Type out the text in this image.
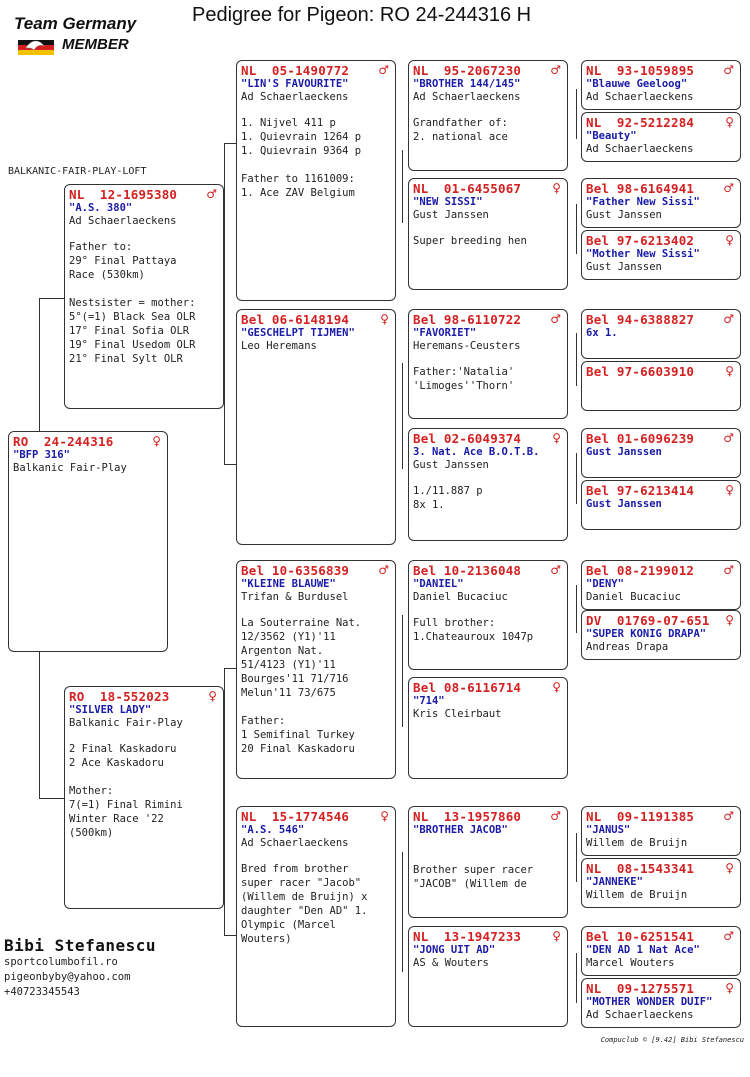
Team Germany
MEMBER
Pedigree for Pigeon: RO 24-244316 H
BALKANIC-FAIR-PLAY-LOFT
RO  24-244316	♀
"BFP 316"
Balkanic Fair-Play
NL  12-1695380	♂
"A.S. 380"
Ad Schaerlaeckens
Father to:
29° Final Pattaya
Race (530km)

Nestsister = mother:
5°(=1) Black Sea OLR
17° Final Sofia OLR
19° Final Usedom OLR
21° Final Sylt OLR
RO  18-552023	♀
"SILVER LADY"
Balkanic Fair-Play
2 Final Kaskadoru
2 Ace Kaskadoru

Mother:
7(=1) Final Rimini
Winter Race '22
(500km)
NL  05-1490772	♂
"LIN'S FAVOURITE"
Ad Schaerlaeckens
1. Nijvel 411 p
1. Quievrain 1264 p
1. Quievrain 9364 p

Father to 1161009:
1. Ace ZAV Belgium
Bel 06-6148194	♀
"GESCHELPT TIJMEN"
Leo Heremans
Bel 10-6356839	♂
"KLEINE BLAUWE"
Trifan & Burdusel
La Souterraine Nat.
12/3562 (Y1)'11
Argenton Nat.
51/4123 (Y1)'11
Bourges'11 71/716
Melun'11 73/675

Father:
1 Semifinal Turkey
20 Final Kaskadoru
NL  15-1774546	♀
"A.S. 546"
Ad Schaerlaeckens
Bred from brother
super racer "Jacob"
(Willem de Bruijn) x
daughter "Den AD" 1.
Olympic (Marcel
Wouters)
NL  95-2067230	♂
"BROTHER 144/145"
Ad Schaerlaeckens
Grandfather of:
2. national ace
NL  01-6455067	♀
"NEW SISSI"
Gust Janssen
Super breeding hen
Bel 98-6110722	♂
"FAVORIET"
Heremans-Ceusters
Father:'Natalia'
'Limoges''Thorn'
Bel 02-6049374	♀
3. Nat. Ace B.O.T.B.
Gust Janssen
1./11.887 p
8x 1.
Bel 10-2136048	♂
"DANIEL"
Daniel Bucaciuc
Full brother:
1.Chateauroux 1047p
Bel 08-6116714	♀
"714"
Kris Cleirbaut
NL  13-1957860	♂
"BROTHER JACOB"
Brother super racer
"JACOB" (Willem de
NL  13-1947233	♀
"JONG UIT AD"
AS & Wouters
NL  93-1059895	♂
"Blauwe Geeloog"
Ad Schaerlaeckens
NL  92-5212284	♀
"Beauty"
Ad Schaerlaeckens
Bel 98-6164941	♂
"Father New Sissi"
Gust Janssen
Bel 97-6213402	♀
"Mother New Sissi"
Gust Janssen
Bel 94-6388827	♂
6x 1.
Bel 97-6603910	♀
Bel 01-6096239	♂
Gust Janssen
Bel 97-6213414	♀
Gust Janssen
Bel 08-2199012	♂
"DENY"
Daniel Bucaciuc
DV  01769-07-651	♀
"SUPER KONIG DRAPA"
Andreas Drapa
NL  09-1191385	♂
"JANUS"
Willem de Bruijn
NL  08-1543341	♀
"JANNEKE"
Willem de Bruijn
Bel 10-6251541	♂
"DEN AD 1 Nat Ace"
Marcel Wouters
NL  09-1275571	♀
"MOTHER WONDER DUIF"
Ad Schaerlaeckens
Bibi Stefanescu
sportcolumbofil.ro
pigeonbyby@yahoo.com
+40723345543
Compuclub © [9.42] Bibi Stefanescu
